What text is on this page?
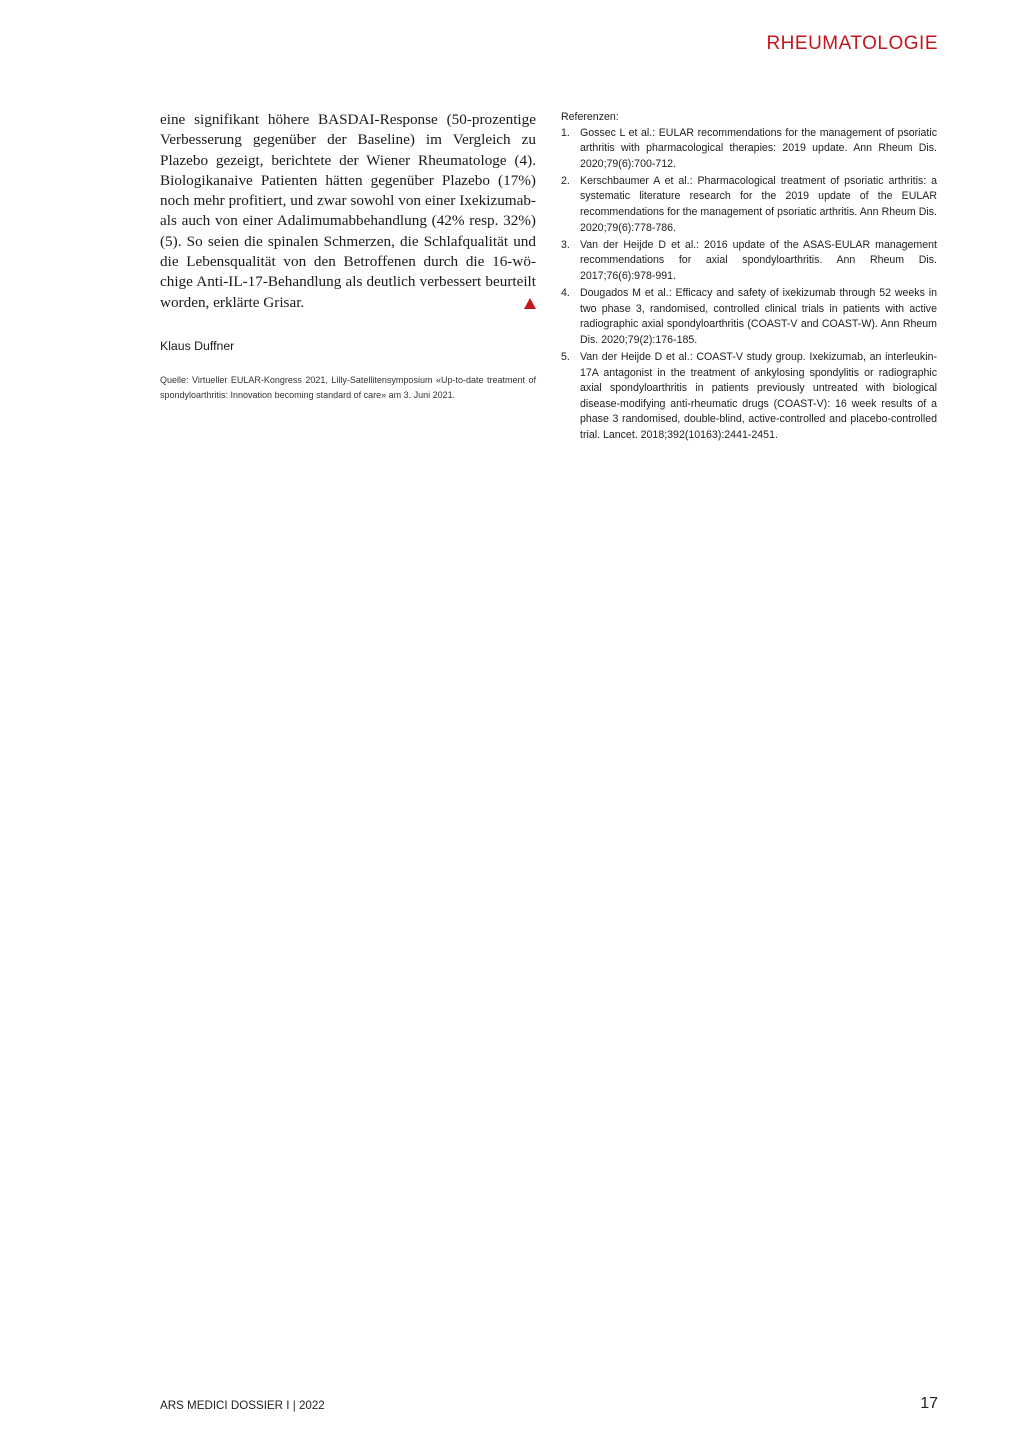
RHEUMATOLOGIE

eine signifikant höhere BASDAI-Response (50-prozentige Verbesserung gegenüber der Baseline) im Vergleich zu Plazebo gezeigt, berichtete der Wiener Rheumatologe (4). Biologikanaive Patienten hätten gegenüber Plazebo (17%) noch mehr profitiert, und zwar sowohl von einer Ixekizumab- als auch von einer Adalimumabbehandlung (42% resp. 32%) (5). So seien die spinalen Schmerzen, die Schlafqualität und die Lebensqualität von den Betroffenen durch die 16-wöchige Anti-IL-17-Behandlung als deutlich verbessert beurteilt worden, erklärte Grisar.

Klaus Duffner
Quelle: Virtueller EULAR-Kongress 2021, Lilly-Satellitensymposium «Up-to-date treatment of spondyloarthritis: Innovation becoming standard of care» am 3. Juni 2021.

Referenzen:

1. Gossec L et al.: EULAR recommendations for the management of psoriatic arthritis with pharmacological therapies: 2019 update. Ann Rheum Dis. 2020;79(6):700-712.
2. Kerschbaumer A et al.: Pharmacological treatment of psoriatic arthritis: a systematic literature research for the 2019 update of the EULAR recommendations for the management of psoriatic arthritis. Ann Rheum Dis. 2020;79(6):778-786.
3. Van der Heijde D et al.: 2016 update of the ASAS-EULAR management recommendations for axial spondyloarthritis. Ann Rheum Dis. 2017;76(6):978-991.
4. Dougados M et al.: Efficacy and safety of ixekizumab through 52 weeks in two phase 3, randomised, controlled clinical trials in patients with active radiographic axial spondyloarthritis (COAST-V and COAST-W). Ann Rheum Dis. 2020;79(2):176-185.
5. Van der Heijde D et al.: COAST-V study group. Ixekizumab, an interleukin-17A antagonist in the treatment of ankylosing spondylitis or radiographic axial spondyloarthritis in patients previously untreated with biological disease-modifying anti-rheumatic drugs (COAST-V): 16 week results of a phase 3 randomised, double-blind, active-controlled and placebo-controlled trial. Lancet. 2018;392(10163):2441-2451.
ARS MEDICI DOSSIER I | 2022	17
